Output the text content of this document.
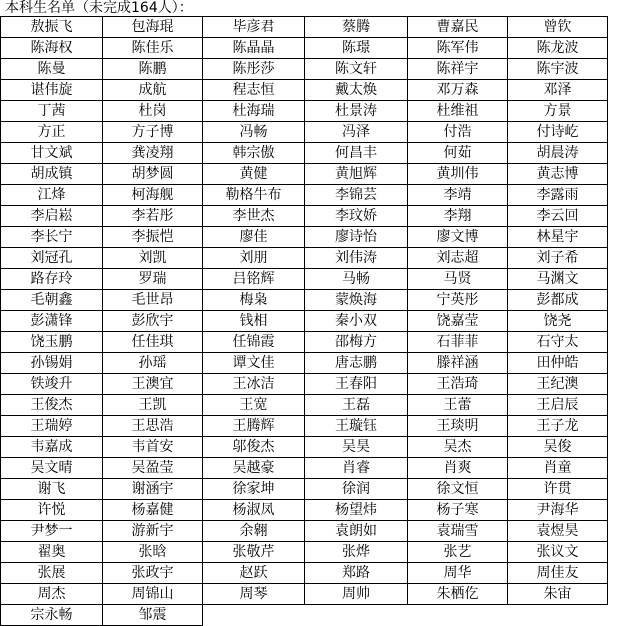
本科生名单（未完成164人）：
敖振飞	包海琨	毕彦君	蔡腾	曹嘉民	曾钦
陈海权	陈佳乐	陈晶晶	陈璟	陈军伟	陈龙波
陈曼	陈鹏	陈彤莎	陈文轩	陈祥宇	陈宇波
谌伟旋	成航	程志恒	戴太焕	邓万森	邓泽
丁茜	杜岗	杜海瑞	杜景涛	杜维祖	方景
方正	方子博	冯畅	冯泽	付浩	付诗屹
甘文斌	龚凌翔	韩宗傲	何昌丰	何茹	胡晨涛
胡成镇	胡梦圆	黄健	黄旭辉	黄圳伟	黄志博
江烽	柯海舰	勒格牛布	李锦芸	李靖	李露雨
李启崧	李若彤	李世杰	李玟娇	李翔	李云回
李长宁	李振恺	廖佳	廖诗怡	廖文博	林星宇
刘冠孔	刘凯	刘朋	刘伟涛	刘志超	刘子希
路存玲	罗瑞	吕铭辉	马畅	马贤	马渊文
毛朝鑫	毛世昂	梅枭	蒙焕海	宁英彤	彭都成
彭潇锋	彭欣宇	钱相	秦小双	饶嘉莹	饶尧
饶玉鹏	任佳琪	任锦霞	邵梅方	石菲菲	石守太
孙锡娟	孙瑶	谭文佳	唐志鹏	滕祥涵	田仲皓
铁竣升	王澳宜	王冰洁	王春阳	王浩琦	王纪澳
王俊杰	王凯	王宽	王磊	王蕾	王启辰
王瑞婷	王思浩	王腾辉	王璇钰	王琰明	王子龙
韦嘉成	韦首安	邬俊杰	吴昊	吴杰	吴俊
吴文晴	吴盈莹	吴越豪	肖睿	肖爽	肖童
谢飞	谢涵宇	徐家坤	徐润	徐文恒	许贯
许悦	杨嘉健	杨淑凤	杨望炜	杨子寒	尹海华
尹梦一	游新宇	余翱	袁朗如	袁瑞雪	袁煜昊
翟奥	张晗	张敬芹	张烨	张艺	张议文
张展	张政宇	赵跃	郑路	周华	周佳友
周杰	周锦山	周琴	周帅	朱栖仡	朱宙
宗永畅	邹震				
